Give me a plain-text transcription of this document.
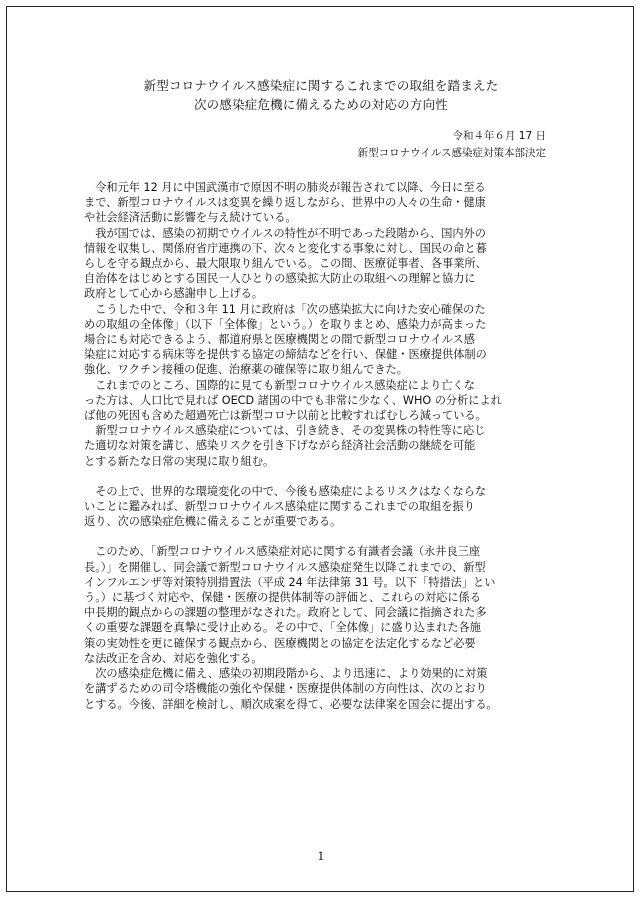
新型コロナウイルス感染症に関するこれまでの取組を踏まえた
次の感染症危機に備えるための対応の方向性
令和４年６月 17 日
新型コロナウイルス感染症対策本部決定

　令和元年 12 月に中国武漢市で原因不明の肺炎が報告されて以降、今日に至る
まで、新型コロナウイルスは変異を繰り返しながら、世界中の人々の生命・健康
や社会経済活動に影響を与え続けている。

　我が国では、感染の初期でウイルスの特性が不明であった段階から、国内外の
情報を収集し、関係府省庁連携の下、次々と変化する事象に対し、国民の命と暮
らしを守る観点から、最大限取り組んでいる。この間、医療従事者、各事業所、
自治体をはじめとする国民一人ひとりの感染拡大防止の取組への理解と協力に
政府として心から感謝申し上げる。

　こうした中で、令和３年 11 月に政府は「次の感染拡大に向けた安心確保のた
めの取組の全体像」（以下「全体像」という。）を取りまとめ、感染力が高まった
場合にも対応できるよう、都道府県と医療機関との間で新型コロナウイルス感
染症に対応する病床等を提供する協定の締結などを行い、保健・医療提供体制の
強化、ワクチン接種の促進、治療薬の確保等に取り組んできた。

　これまでのところ、国際的に見ても新型コロナウイルス感染症により亡くな
った方は、人口比で見れば OECD 諸国の中でも非常に少なく、WHO の分析によれ
ば他の死因も含めた超過死亡は新型コロナ以前と比較すればむしろ減っている。

　新型コロナウイルス感染症については、引き続き、その変異株の特性等に応じ
た適切な対策を講じ、感染リスクを引き下げながら経済社会活動の継続を可能
とする新たな日常の実現に取り組む。

　その上で、世界的な環境変化の中で、今後も感染症によるリスクはなくならな
いことに鑑みれば、新型コロナウイルス感染症に関するこれまでの取組を振り
返り、次の感染症危機に備えることが重要である。

　このため、「新型コロナウイルス感染症対応に関する有識者会議（永井良三座
長。）」を開催し、同会議で新型コロナウイルス感染症発生以降これまでの、新型
インフルエンザ等対策特別措置法（平成 24 年法律第 31 号。以下「特措法」とい
う。）に基づく対応や、保健・医療の提供体制等の評価と、これらの対応に係る
中長期的観点からの課題の整理がなされた。政府として、同会議に指摘された多
くの重要な課題を真摯に受け止める。その中で、「全体像」に盛り込まれた各施
策の実効性を更に確保する観点から、医療機関との協定を法定化するなど必要
な法改正を含め、対応を強化する。

　次の感染症危機に備え、感染の初期段階から、より迅速に、より効果的に対策
を講ずるための司令塔機能の強化や保健・医療提供体制の方向性は、次のとおり
とする。今後、詳細を検討し、順次成案を得て、必要な法律案を国会に提出する。

1
